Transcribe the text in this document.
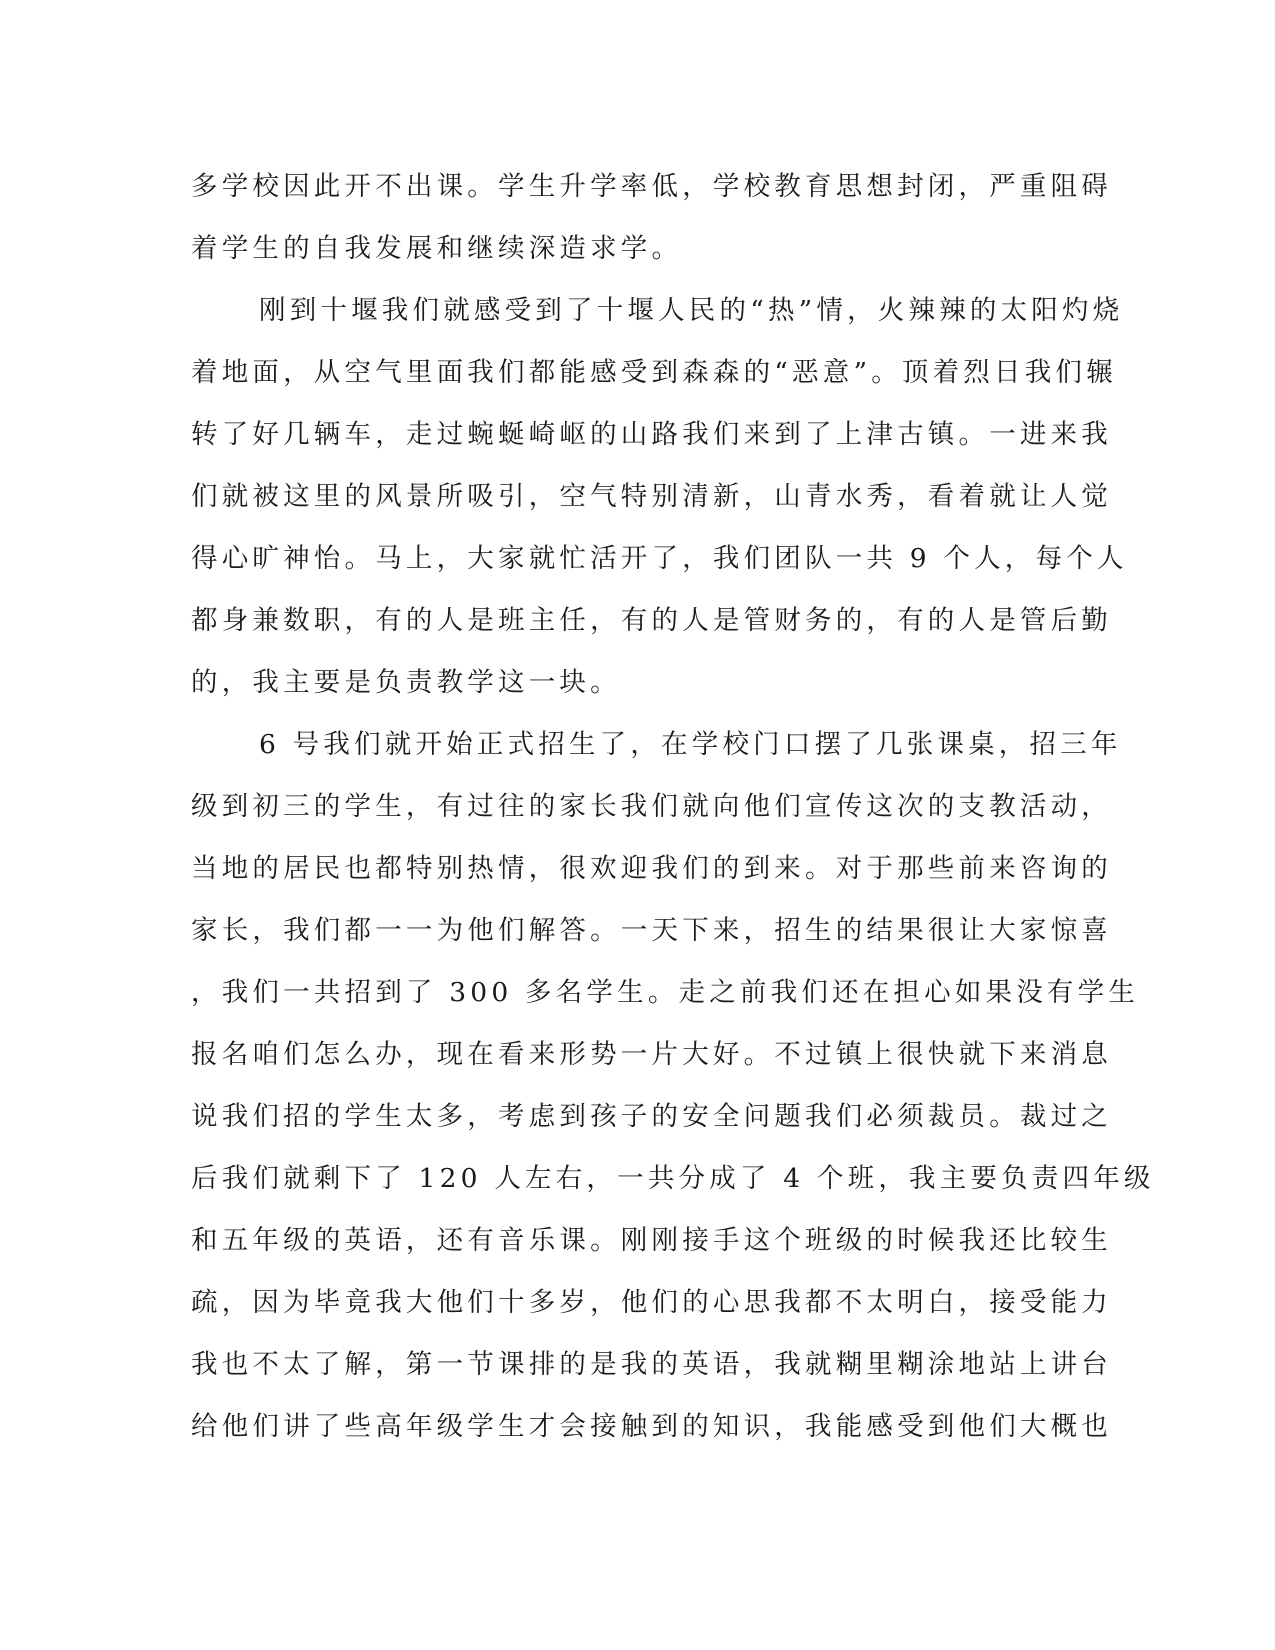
多学校因此开不出课。学生升学率低，学校教育思想封闭，严重阻碍
着学生的自我发展和继续深造求学。
刚到十堰我们就感受到了十堰人民的“热”情，火辣辣的太阳灼烧
着地面，从空气里面我们都能感受到森森的“恶意”。顶着烈日我们辗
转了好几辆车，走过蜿蜒崎岖的山路我们来到了上津古镇。一进来我
们就被这里的风景所吸引，空气特别清新，山青水秀，看着就让人觉
得心旷神怡。马上，大家就忙活开了，我们团队一共 9 个人，每个人
都身兼数职，有的人是班主任，有的人是管财务的，有的人是管后勤
的，我主要是负责教学这一块。
6 号我们就开始正式招生了，在学校门口摆了几张课桌，招三年
级到初三的学生，有过往的家长我们就向他们宣传这次的支教活动，
当地的居民也都特别热情，很欢迎我们的到来。对于那些前来咨询的
家长，我们都一一为他们解答。一天下来，招生的结果很让大家惊喜
，我们一共招到了 300 多名学生。走之前我们还在担心如果没有学生
报名咱们怎么办，现在看来形势一片大好。不过镇上很快就下来消息
说我们招的学生太多，考虑到孩子的安全问题我们必须裁员。裁过之
后我们就剩下了 120 人左右，一共分成了 4 个班，我主要负责四年级
和五年级的英语，还有音乐课。刚刚接手这个班级的时候我还比较生
疏，因为毕竟我大他们十多岁，他们的心思我都不太明白，接受能力
我也不太了解，第一节课排的是我的英语，我就糊里糊涂地站上讲台
给他们讲了些高年级学生才会接触到的知识，我能感受到他们大概也
